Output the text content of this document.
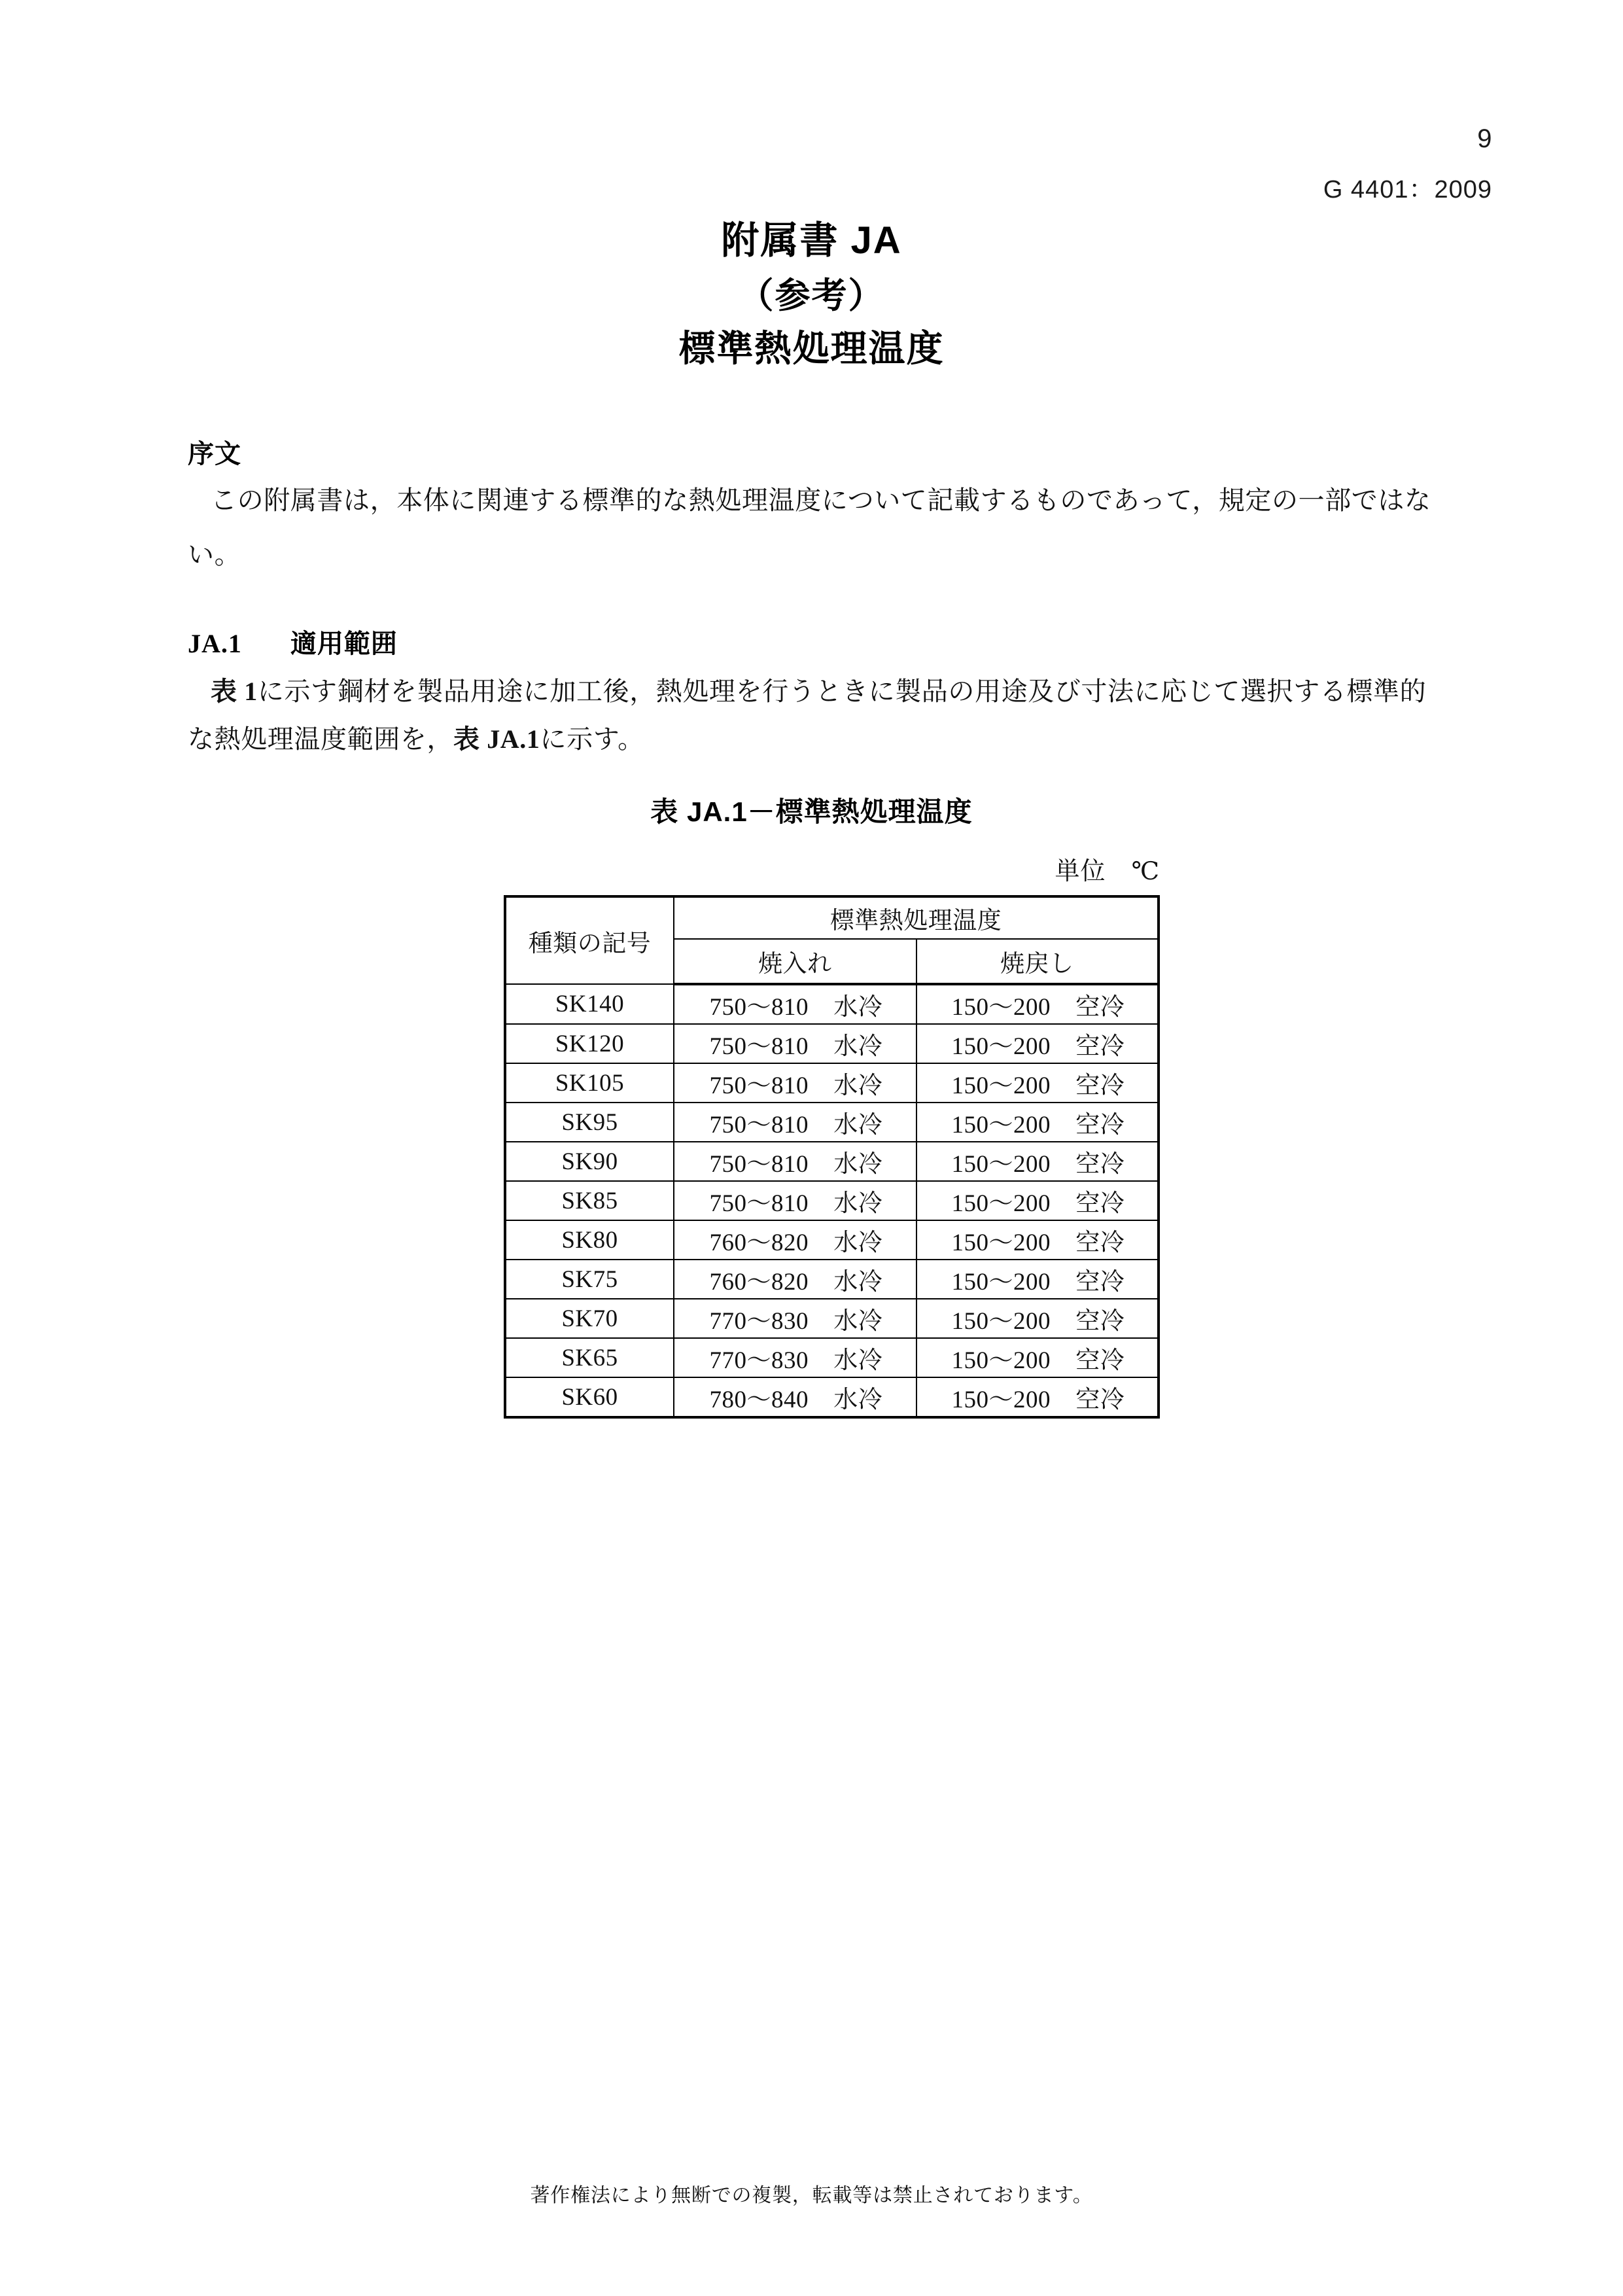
9
G 4401：2009
附属書 JA
（参考）
標準熱処理温度
序文
この附属書は，本体に関連する標準的な熱処理温度について記載するものであって，規定の一部ではな
い。
JA.1 適用範囲
表 1に示す鋼材を製品用途に加工後，熱処理を行うときに製品の用途及び寸法に応じて選択する標準的
な熱処理温度範囲を，表 JA.1に示す。
表 JA.1－標準熱処理温度
単位　℃
種類の記号	標準熱処理温度	
	焼入れ	焼戻し
SK140	750〜810 水冷	150〜200 空冷
SK120	750〜810 水冷	150〜200 空冷
SK105	750〜810 水冷	150〜200 空冷
SK95	750〜810 水冷	150〜200 空冷
SK90	750〜810 水冷	150〜200 空冷
SK85	750〜810 水冷	150〜200 空冷
SK80	760〜820 水冷	150〜200 空冷
SK75	760〜820 水冷	150〜200 空冷
SK70	770〜830 水冷	150〜200 空冷
SK65	770〜830 水冷	150〜200 空冷
SK60	780〜840 水冷	150〜200 空冷
著作権法により無断での複製，転載等は禁止されております。
